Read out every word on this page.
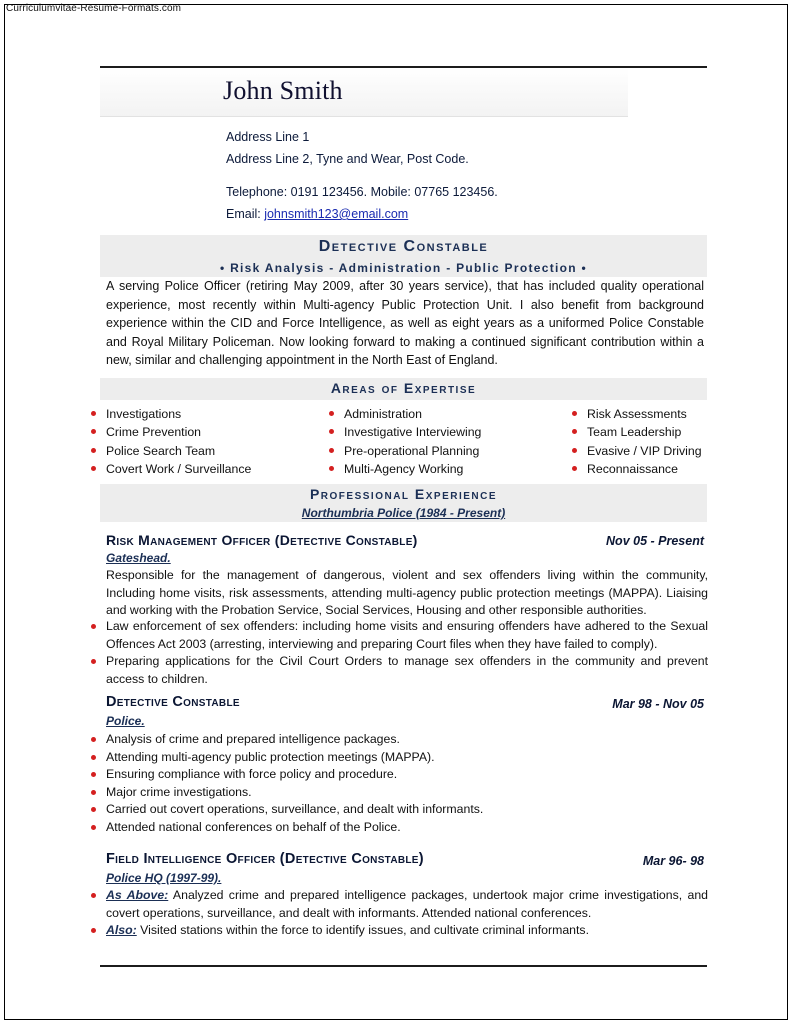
Curriculumvitae-Resume-Formats.com
John Smith
Address Line 1
Address Line 2, Tyne and Wear, Post Code.
Telephone: 0191 123456. Mobile: 07765 123456.
Email: johnsmith123@email.com
Detective Constable
• Risk Analysis - Administration - Public Protection •
A serving Police Officer (retiring May 2009, after 30 years service), that has included quality operational experience, most recently within Multi-agency Public Protection Unit. I also benefit from background experience within the CID and Force Intelligence, as well as eight years as a uniformed Police Constable and Royal Military Policeman. Now looking forward to making a continued significant contribution within a new, similar and challenging appointment in the North East of England.
Areas of Expertise
Investigations
Crime Prevention
Police Search Team
Covert Work / Surveillance
Administration
Investigative Interviewing
Pre-operational Planning
Multi-Agency Working
Risk Assessments
Team Leadership
Evasive / VIP Driving
Reconnaissance
Professional Experience
Northumbria Police (1984 - Present)
Risk Management Officer (Detective Constable)	Nov 05 - Present
Gateshead.
Responsible for the management of dangerous, violent and sex offenders living within the community, Including home visits, risk assessments, attending multi-agency public protection meetings (MAPPA). Liaising and working with the Probation Service, Social Services, Housing and other responsible authorities.
Law enforcement of sex offenders: including home visits and ensuring offenders have adhered to the Sexual Offences Act 2003 (arresting, interviewing and preparing Court files when they have failed to comply).
Preparing applications for the Civil Court Orders to manage sex offenders in the community and prevent access to children.
Detective Constable	Mar 98 - Nov 05
Police.
Analysis of crime and prepared intelligence packages.
Attending multi-agency public protection meetings (MAPPA).
Ensuring compliance with force policy and procedure.
Major crime investigations.
Carried out covert operations, surveillance, and dealt with informants.
Attended national conferences on behalf of the Police.
Field Intelligence Officer (Detective Constable)	Mar 96- 98
Police HQ (1997-99).
As Above: Analyzed crime and prepared intelligence packages, undertook major crime investigations, and covert operations, surveillance, and dealt with informants. Attended national conferences.
Also: Visited stations within the force to identify issues, and cultivate criminal informants.
